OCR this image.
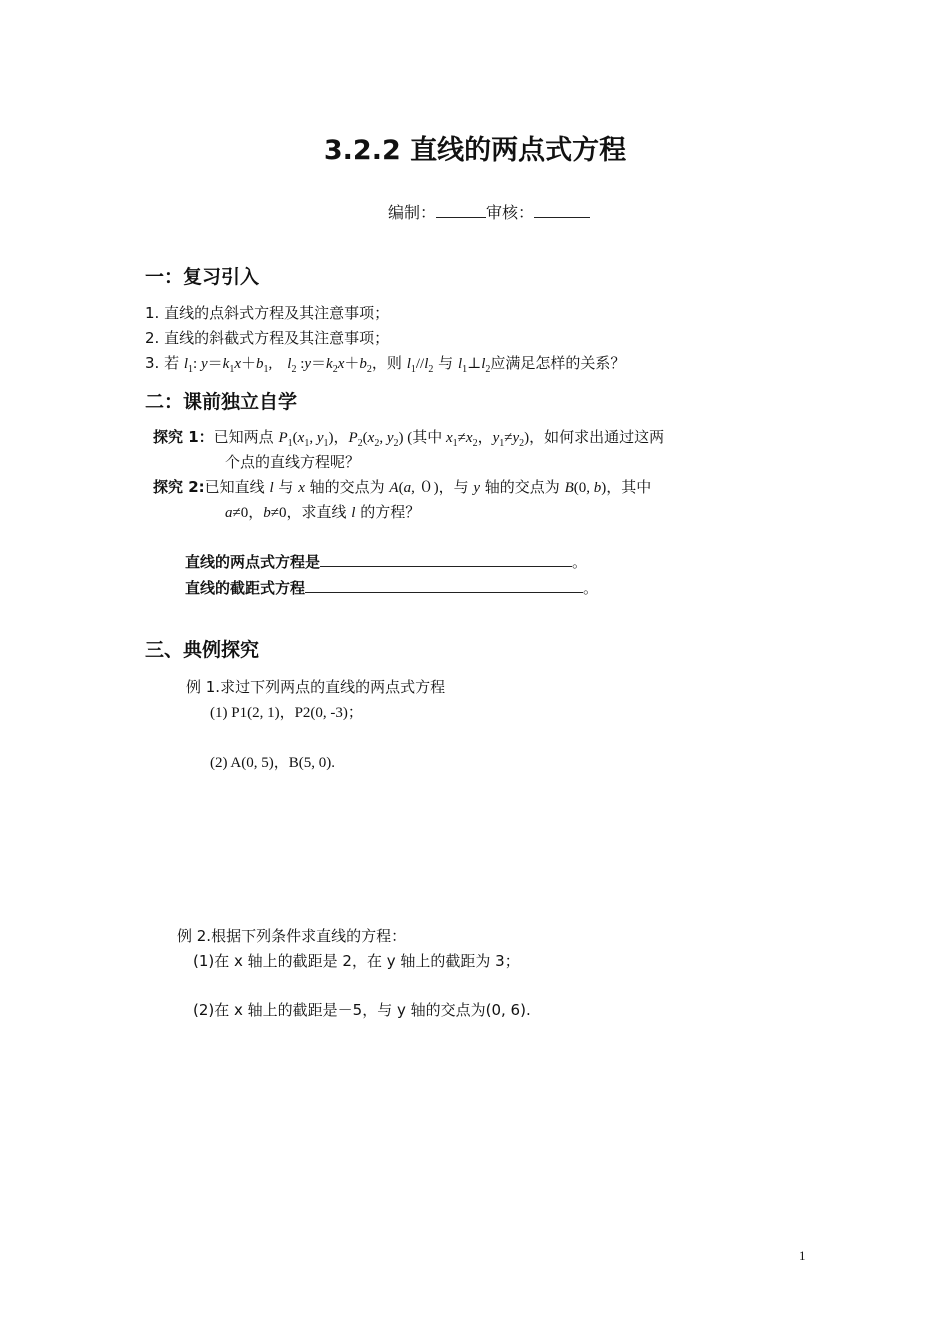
3.2.2 直线的两点式方程
编制：	审核：
一：复习引入
1. 直线的点斜式方程及其注意事项；
2. 直线的斜截式方程及其注意事项；
3. 若 $l_1$: $y=k_1x+b_1$,    $l_2$ $:y=k_2x+b_2$，则 $l_1//l_2$ 与 $l_1\perp l_2$应满足怎样的关系？
二：课前独立自学
探究 1：已知两点 $P_1(x_1$, $y_1$)，$P_2(x_2$, $y_2$) (其中 $x_1\ne x_2$，$y_1\ne y_2$)，如何求出通过这两
个点的直线方程呢？
探究 2:已知直线 l 与 x 轴的交点为 A(a, ０)，与 y 轴的交点为 B(0, b)，其中
a≠0，b≠0，求直线 l 的方程？
直线的两点式方程是	。
直线的截距式方程	。
三、典例探究
例 1.求过下列两点的直线的两点式方程
(1) P1(2, 1)，P2(0, -3)；
(2) A(0, 5)，B(5, 0).
例 2.根据下列条件求直线的方程：
(1)在 x 轴上的截距是 2，在 y 轴上的截距为 3；
(2)在 x 轴上的截距是－5，与 y 轴的交点为(0, 6).
1
